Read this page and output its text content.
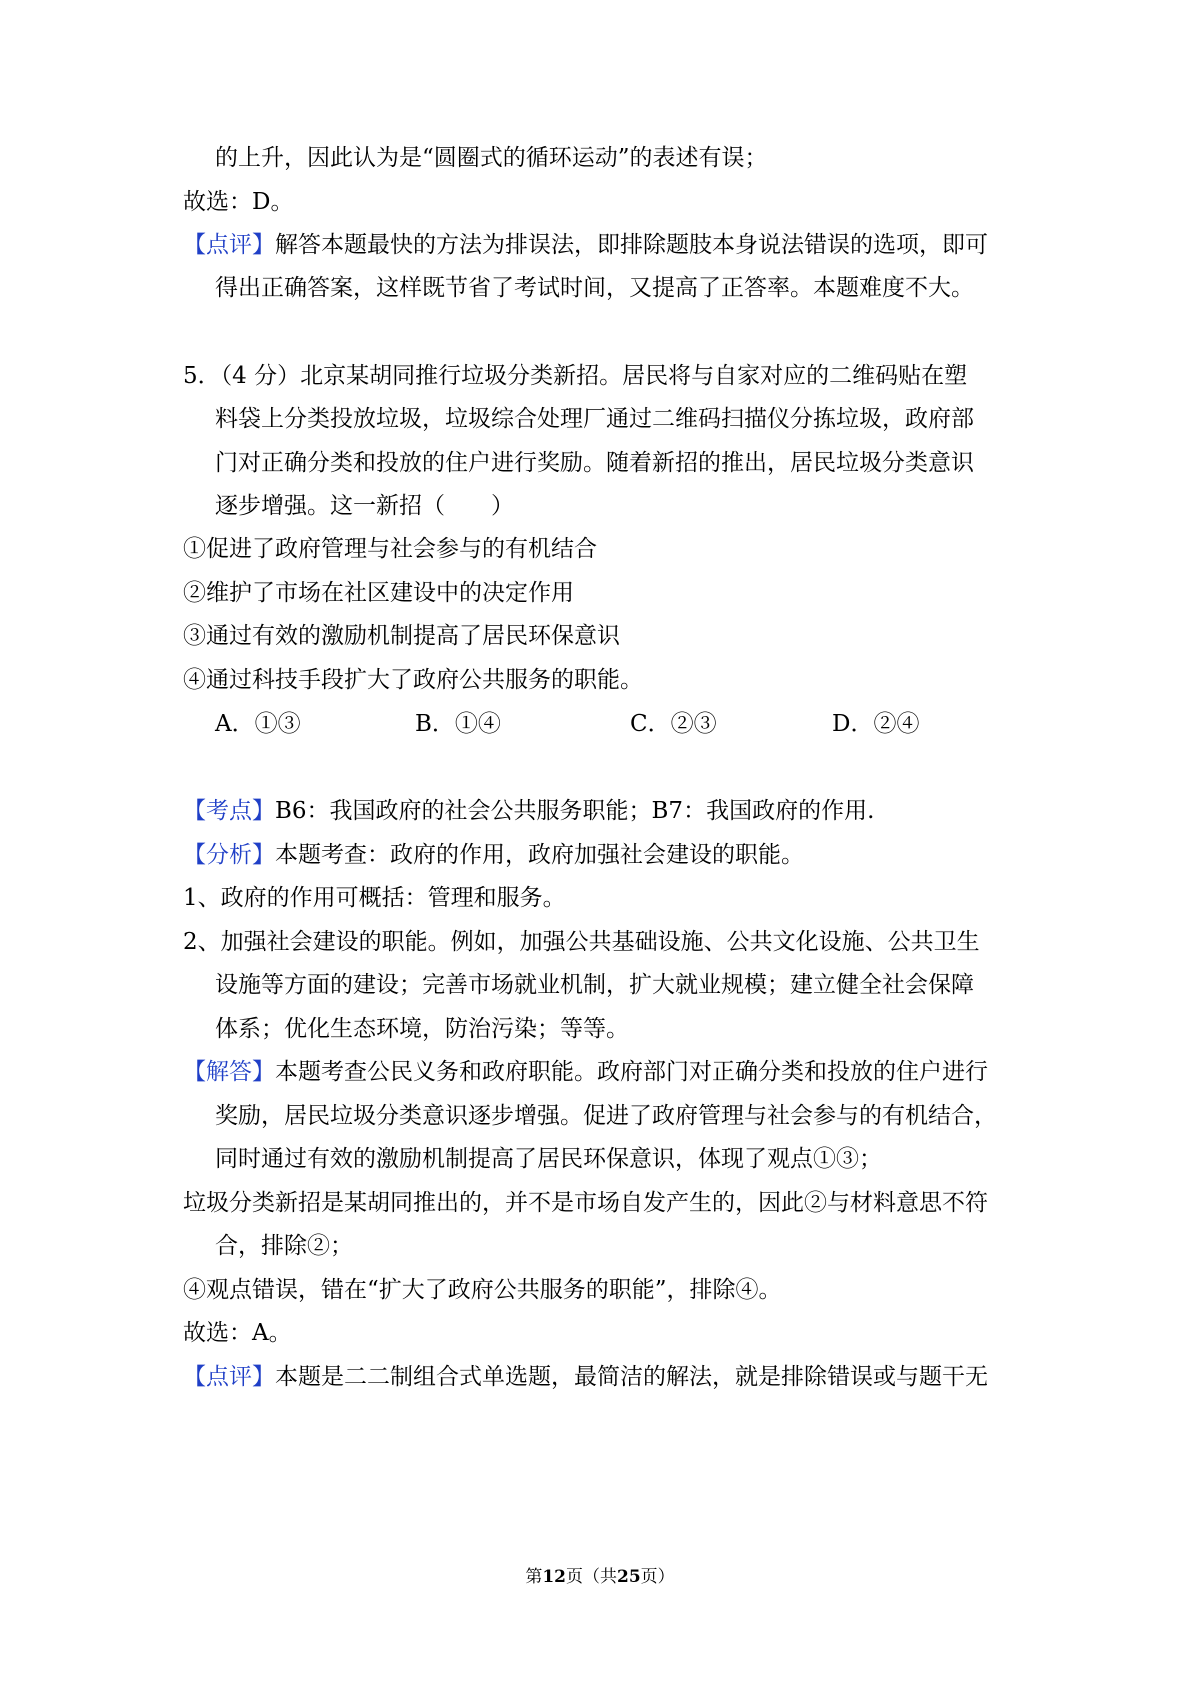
的上升，因此认为是“圆圈式的循环运动”的表述有误；
故选：D。
【点评】解答本题最快的方法为排误法，即排除题肢本身说法错误的选项，即可
得出正确答案，这样既节省了考试时间，又提高了正答率。本题难度不大。
5．（4 分）北京某胡同推行垃圾分类新招。居民将与自家对应的二维码贴在塑
料袋上分类投放垃圾，垃圾综合处理厂通过二维码扫描仪分拣垃圾，政府部
门对正确分类和投放的住户进行奖励。随着新招的推出，居民垃圾分类意识
逐步增强。这一新招（　　）
①促进了政府管理与社会参与的有机结合
②维护了市场在社区建设中的决定作用
③通过有效的激励机制提高了居民环保意识
④通过科技手段扩大了政府公共服务的职能。
A．①③	B．①④	C．②③	D．②④
【考点】B6：我国政府的社会公共服务职能；B7：我国政府的作用.
【分析】本题考查：政府的作用，政府加强社会建设的职能。
1、政府的作用可概括：管理和服务。
2、加强社会建设的职能。例如，加强公共基础设施、公共文化设施、公共卫生
设施等方面的建设；完善市场就业机制，扩大就业规模；建立健全社会保障
体系；优化生态环境，防治污染；等等。
【解答】本题考查公民义务和政府职能。政府部门对正确分类和投放的住户进行
奖励，居民垃圾分类意识逐步增强。促进了政府管理与社会参与的有机结合，
同时通过有效的激励机制提高了居民环保意识，体现了观点①③；
垃圾分类新招是某胡同推出的，并不是市场自发产生的，因此②与材料意思不符
合，排除②；
④观点错误，错在“扩大了政府公共服务的职能”，排除④。
故选：A。
【点评】本题是二二制组合式单选题，最简洁的解法，就是排除错误或与题干无
第12页（共25页）
